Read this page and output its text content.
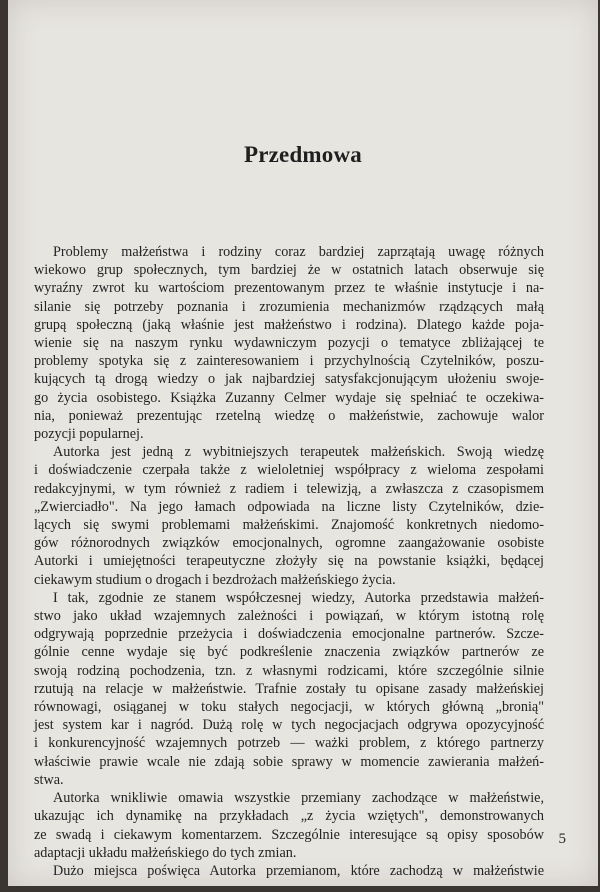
Przedmowa
Problemy małżeństwa i rodziny coraz bardziej zaprzątają uwagę różnych
wiekowo grup społecznych, tym bardziej że w ostatnich latach obserwuje się
wyraźny zwrot ku wartościom prezentowanym przez te właśnie instytucje i na-
silanie się potrzeby poznania i zrozumienia mechanizmów rządzących małą
grupą społeczną (jaką właśnie jest małżeństwo i rodzina). Dlatego każde poja-
wienie się na naszym rynku wydawniczym pozycji o tematyce zbliżającej te
problemy spotyka się z zainteresowaniem i przychylnością Czytelników, poszu-
kujących tą drogą wiedzy o jak najbardziej satysfakcjonującym ułożeniu swoje-
go życia osobistego. Książka Zuzanny Celmer wydaje się spełniać te oczekiwa-
nia, ponieważ prezentując rzetelną wiedzę o małżeństwie, zachowuje walor
pozycji popularnej.
Autorka jest jedną z wybitniejszych terapeutek małżeńskich. Swoją wiedzę
i doświadczenie czerpała także z wieloletniej współpracy z wieloma zespołami
redakcyjnymi, w tym również z radiem i telewizją, a zwłaszcza z czasopismem
„Zwierciadło". Na jego łamach odpowiada na liczne listy Czytelników, dzie-
lących się swymi problemami małżeńskimi. Znajomość konkretnych niedomo-
gów różnorodnych związków emocjonalnych, ogromne zaangażowanie osobiste
Autorki i umiejętności terapeutyczne złożyły się na powstanie książki, będącej
ciekawym studium o drogach i bezdrożach małżeńskiego życia.
I tak, zgodnie ze stanem współczesnej wiedzy, Autorka przedstawia małżeń-
stwo jako układ wzajemnych zależności i powiązań, w którym istotną rolę
odgrywają poprzednie przeżycia i doświadczenia emocjonalne partnerów. Szcze-
gólnie cenne wydaje się być podkreślenie znaczenia związków partnerów ze
swoją rodziną pochodzenia, tzn. z własnymi rodzicami, które szczególnie silnie
rzutują na relacje w małżeństwie. Trafnie zostały tu opisane zasady małżeńskiej
równowagi, osiąganej w toku stałych negocjacji, w których główną „bronią"
jest system kar i nagród. Dużą rolę w tych negocjacjach odgrywa opozycyjność
i konkurencyjność wzajemnych potrzeb — ważki problem, z którego partnerzy
właściwie prawie wcale nie zdają sobie sprawy w momencie zawierania małżeń-
stwa.
Autorka wnikliwie omawia wszystkie przemiany zachodzące w małżeństwie,
ukazując ich dynamikę na przykładach „z życia wziętych", demonstrowanych
ze swadą i ciekawym komentarzem. Szczególnie interesujące są opisy sposobów
adaptacji układu małżeńskiego do tych zmian.
Dużo miejsca poświęca Autorka przemianom, które zachodzą w małżeństwie
5
